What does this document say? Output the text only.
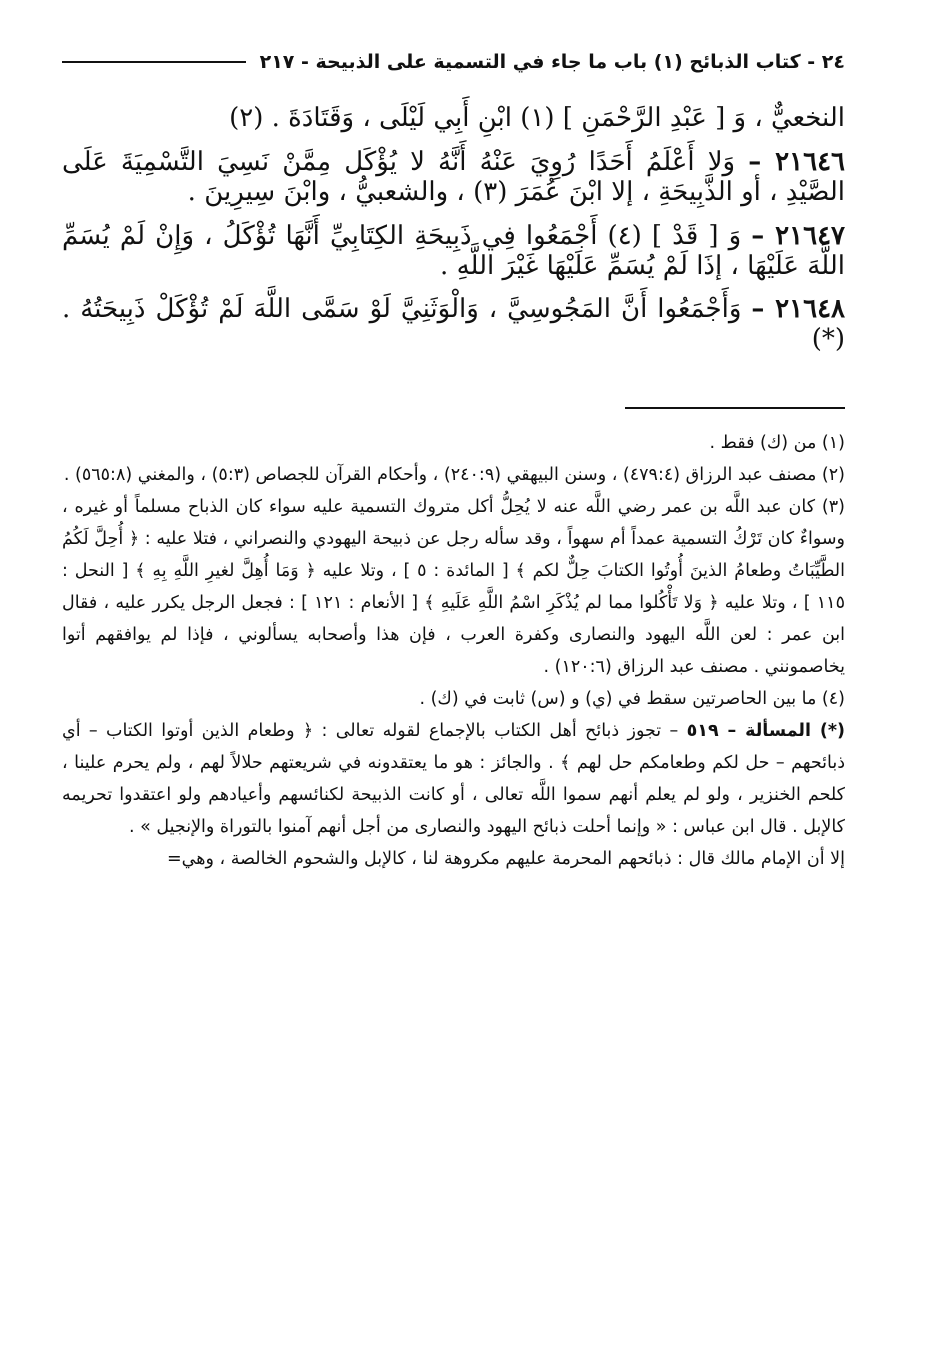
٢٤ - كتاب الذبائح (١) باب ما جاء في التسمية على الذبيحة - ٢١٧

النخعيٌّ ، وَ [ عَبْدِ الرَّحْمَنِ ] (١) ابْنِ أَبِي لَيْلَى ، وَقَتَادَةَ . (٢)

٢١٦٤٦ – وَلا أَعْلَمُ أَحَدًا رُوِيَ عَنْهُ أَنَّهُ لا يُؤْكَل مِمَّنْ نَسِيَ التَّسْمِيَةَ عَلَى الصَّيْدِ ، أو الذَّبِيحَةِ ، إلا ابْنَ عُمَرَ (٣) ، والشعبيُّ ، وابْنَ سِيرِينَ .

٢١٦٤٧ – وَ [ قَدْ ] (٤) أَجْمَعُوا فِي ذَبِيحَةِ الكِتَابِيِّ أَنَّهَا تُؤْكَلُ ، وَإِنْ لَمْ يُسَمِّ اللَّهَ عَلَيْهَا ، إذَا لَمْ يُسَمِّ عَلَيْهَا غَيْرَ اللَّهِ .

٢١٦٤٨ – وَأَجْمَعُوا أَنَّ المَجُوسِيَّ ، وَالْوَثَنِيَّ لَوْ سَمَّى اللَّهَ لَمْ تُؤْكَلْ ذَبِيحَتُهُ . (*)

(١) من (ك) فقط .

(٢) مصنف عبد الرزاق (٤٧٩:٤) ، وسنن البيهقي (٢٤٠:٩) ، وأحكام القرآن للجصاص (٥:٣) ، والمغني (٥٦٥:٨) .

(٣) كان عبد اللَّه بن عمر رضي اللَّه عنه لا يُحِلُّ أكل متروك التسمية عليه سواء كان الذباح مسلماً أو غيره ، وسواءٌ كان تَرْكُ التسمية عمداً أم سهواً ، وقد سأله رجل عن ذبيحة اليهودي والنصراني ، فتلا عليه : ﴿ أُحِلَّ لَكُمُ الطَّيِّبَاتُ وطعامُ الذينَ أُوتُوا الكتابَ حِلٌّ لكم ﴾ [ المائدة : ٥ ] ، وتلا عليه ﴿ وَمَا أُهِلَّ لغيرِ اللَّهِ بِهِ ﴾ [ النحل : ١١٥ ] ، وتلا عليه ﴿ وَلا تَأْكُلوا مما لم يُذْكَرِ اسْمُ اللَّهِ عَلَيهِ ﴾ [ الأنعام : ١٢١ ] : فجعل الرجل يكرر عليه ، فقال ابن عمر : لعن اللَّه اليهود والنصارى وكفرة العرب ، فإن هذا وأصحابه يسألوني ، فإذا لم يوافقهم أتوا يخاصمونني . مصنف عبد الرزاق (١٢٠:٦) .

(٤) ما بين الحاصرتين سقط في (ي) و (س) ثابت في (ك) .

(*) المسألة – ٥١٩ – تجوز ذبائح أهل الكتاب بالإجماع لقوله تعالى : ﴿ وطعام الذين أوتوا الكتاب – أي ذبائحهم – حل لكم وطعامكم حل لهم ﴾ . والجائز : هو ما يعتقدونه في شريعتهم حلالاً لهم ، ولم يحرم علينا ، كلحم الخنزير ، ولو لم يعلم أنهم سموا اللَّه تعالى ، أو كانت الذبيحة لكنائسهم وأعيادهم ولو اعتقدوا تحريمه كالإبل . قال ابن عباس : « وإنما أحلت ذبائح اليهود والنصارى من أجل أنهم آمنوا بالتوراة والإنجيل » .

إلا أن الإمام مالك قال : ذبائحهم المحرمة عليهم مكروهة لنا ، كالإبل والشحوم الخالصة ، وهي=
